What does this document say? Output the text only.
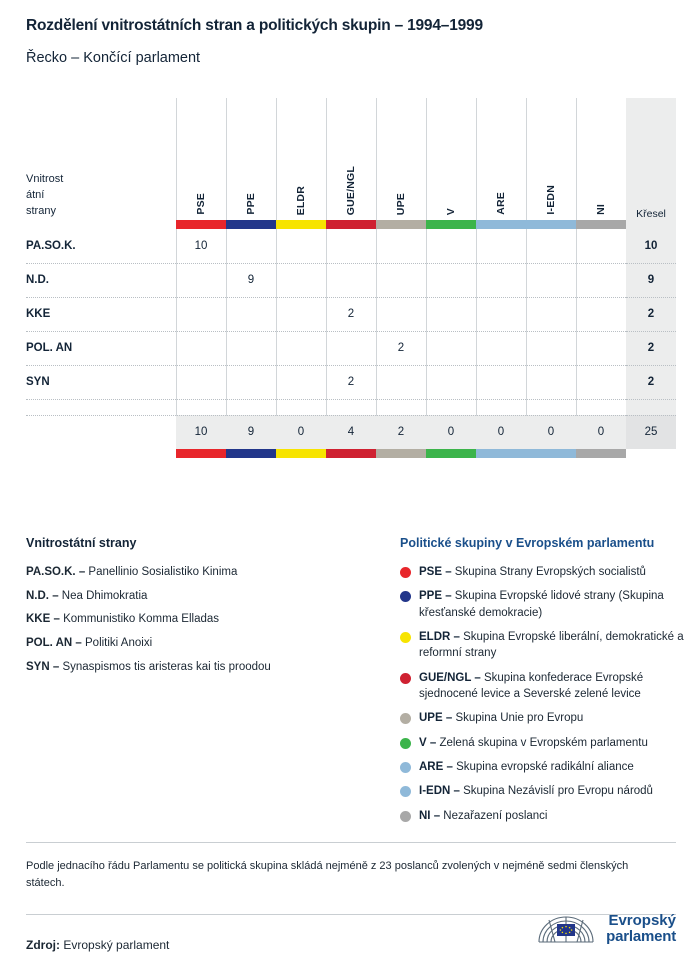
Rozdělení vnitrostátních stran a politických skupin – 1994–1999
Řecko – Končící parlament
Vnitrost
átní
strany	PSE	PPE	ELDR	GUE/NGL	UPE	V	ARE	I-EDN	NI	Křesel

PA.SO.K.	10									10
N.D.		9								9
KKE				2						2
POL. AN					2					2
SYN				2						2

	10	9	0	4	2	0	0	0	0	25

Vnitrostátní strany
PA.SO.K. – Panellinio Sosialistiko Kinima
N.D. – Nea Dhimokratia
KKE – Kommunistiko Komma Elladas
POL. AN – Politiki Anoixi
SYN – Synaspismos tis aristeras kai tis proodou
Politické skupiny v Evropském parlamentu
PSE – Skupina Strany Evropských socialistů
PPE – Skupina Evropské lidové strany (Skupina křesťanské demokracie)
ELDR – Skupina Evropské liberální, demokratické a reformní strany
GUE/NGL – Skupina konfederace Evropské sjednocené levice a Severské zelené levice
UPE – Skupina Unie pro Evropu
V – Zelená skupina v Evropském parlamentu
ARE – Skupina evropské radikální aliance
I-EDN – Skupina Nezávislí pro Evropu národů
NI – Nezařazení poslanci
Podle jednacího řádu Parlamentu se politická skupina skládá nejméně z 23 poslanců zvolených v nejméně sedmi členských státech.
Zdroj: Evropský parlament
Evropský
parlament
